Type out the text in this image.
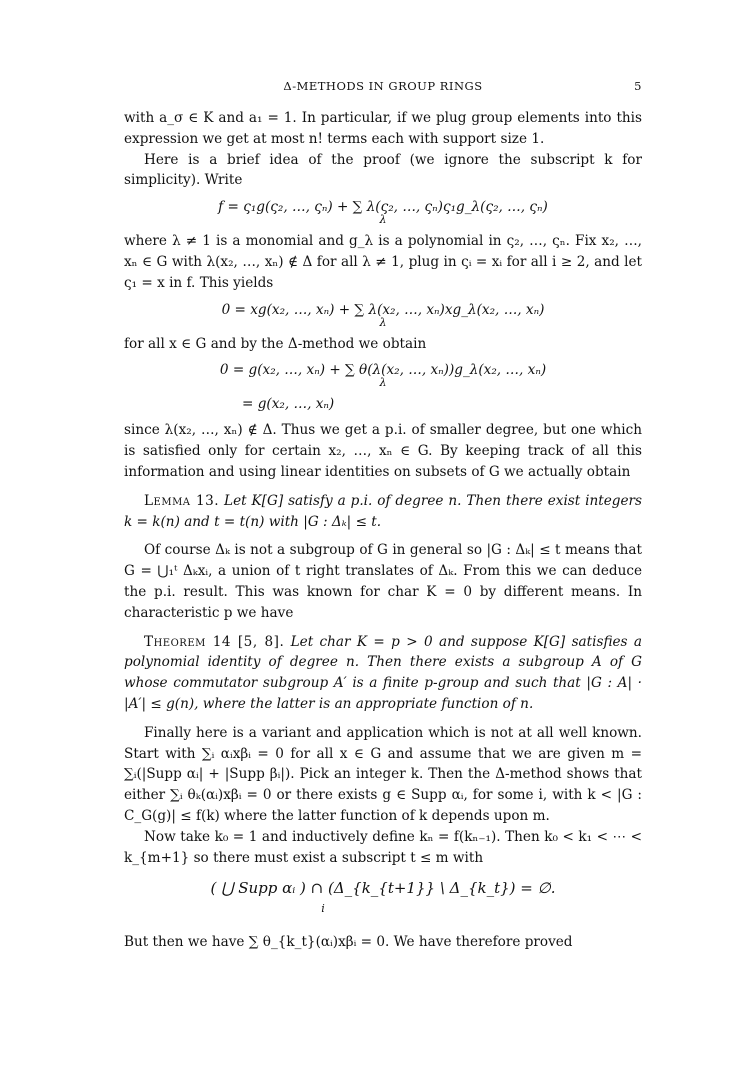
Δ-METHODS IN GROUP RINGS	5

with a_σ ∈ K and a₁ = 1. In particular, if we plug group elements into this expression we get at most n! terms each with support size 1.

Here is a brief idea of the proof (we ignore the subscript k for simplicity). Write

f = ς₁g(ς₂, …, ςₙ) + ∑ λ(ς₂, …, ςₙ)ς₁g_λ(ς₂, …, ςₙ)
λ

where λ ≠ 1 is a monomial and g_λ is a polynomial in ς₂, …, ςₙ. Fix x₂, …, xₙ ∈ G with λ(x₂, …, xₙ) ∉ Δ for all λ ≠ 1, plug in ςᵢ = xᵢ for all i ≥ 2, and let ς₁ = x in f. This yields

0 = xg(x₂, …, xₙ) + ∑ λ(x₂, …, xₙ)xg_λ(x₂, …, xₙ)
λ

for all x ∈ G and by the Δ-method we obtain

0 = g(x₂, …, xₙ) + ∑ θ(λ(x₂, …, xₙ))g_λ(x₂, …, xₙ)
λ
= g(x₂, …, xₙ)

since λ(x₂, …, xₙ) ∉ Δ. Thus we get a p.i. of smaller degree, but one which is satisfied only for certain x₂, …, xₙ ∈ G. By keeping track of all this information and using linear identities on subsets of G we actually obtain

Lemma 13. Let K[G] satisfy a p.i. of degree n. Then there exist integers k = k(n) and t = t(n) with |G : Δₖ| ≤ t.

Of course Δₖ is not a subgroup of G in general so |G : Δₖ| ≤ t means that G = ⋃₁ᵗ Δₖxᵢ, a union of t right translates of Δₖ. From this we can deduce the p.i. result. This was known for char K = 0 by different means. In characteristic p we have

Theorem 14 [5, 8]. Let char K = p > 0 and suppose K[G] satisfies a polynomial identity of degree n. Then there exists a subgroup A of G whose commutator subgroup A′ is a finite p-group and such that |G : A| · |A′| ≤ g(n), where the latter is an appropriate function of n.

Finally here is a variant and application which is not at all well known. Start with ∑ᵢ αᵢxβᵢ = 0 for all x ∈ G and assume that we are given m = ∑ᵢ(|Supp αᵢ| + |Supp βᵢ|). Pick an integer k. Then the Δ-method shows that either ∑ᵢ θₖ(αᵢ)xβᵢ = 0 or there exists g ∈ Supp αᵢ, for some i, with k < |G : C_G(g)| ≤ f(k) where the latter function of k depends upon m.

Now take k₀ = 1 and inductively define kₙ = f(kₙ₋₁). Then k₀ < k₁ < ⋯ < k_{m+1} so there must exist a subscript t ≤ m with

( ⋃ Supp αᵢ ) ∩ (Δ_{k_{t+1}} \ Δ_{k_t}) = ∅.
i

But then we have ∑ θ_{k_t}(αᵢ)xβᵢ = 0. We have therefore proved
